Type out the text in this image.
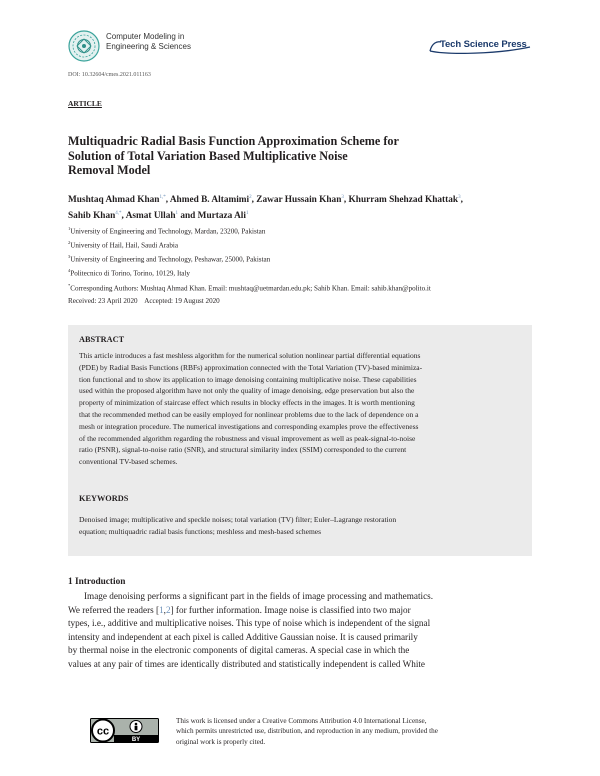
Computer Modeling in
Engineering & Sciences	Tech Science Press
DOI: 10.32604/cmes.2021.011163
ARTICLE
Multiquadric Radial Basis Function Approximation Scheme for
Solution of Total Variation Based Multiplicative Noise
Removal Model
Mushtaq Ahmad Khan$^{1,*}$, Ahmed B. Altamimi$^2$, Zawar Hussain Khan$^3$, Khurram Shehzad Khattak$^3$,
Sahib Khan$^{4,*}$, Asmat Ullah$^1$ and Murtaza Ali$^1$
$^1$University of Engineering and Technology, Mardan, 23200, Pakistan
$^2$University of Hail, Hail, Saudi Arabia
$^3$University of Engineering and Technology, Peshawar, 25000, Pakistan
$^4$Politecnico di Torino, Torino, 10129, Italy
*Corresponding Authors: Mushtaq Ahmad Khan. Email: mushtaq@uetmardan.edu.pk; Sahib Khan. Email: sahib.khan@polito.it
Received: 23 April 2020    Accepted: 19 August 2020
ABSTRACT
This article introduces a fast meshless algorithm for the numerical solution nonlinear partial differential equations
(PDE) by Radial Basis Functions (RBFs) approximation connected with the Total Variation (TV)-based minimiza-
tion functional and to show its application to image denoising containing multiplicative noise. These capabilities
used within the proposed algorithm have not only the quality of image denoising, edge preservation but also the
property of minimization of staircase effect which results in blocky effects in the images. It is worth mentioning
that the recommended method can be easily employed for nonlinear problems due to the lack of dependence on a
mesh or integration procedure. The numerical investigations and corresponding examples prove the effectiveness
of the recommended algorithm regarding the robustness and visual improvement as well as peak-signal-to-noise
ratio (PSNR), signal-to-noise ratio (SNR), and structural similarity index (SSIM) corresponded to the current
conventional TV-based schemes.
KEYWORDS
Denoised image; multiplicative and speckle noises; total variation (TV) filter; Euler–Lagrange restoration
equation; multiquadric radial basis functions; meshless and mesh-based schemes
1 Introduction
Image denoising performs a significant part in the fields of image processing and mathematics.
We referred the readers [1,2] for further information. Image noise is classified into two major
types, i.e., additive and multiplicative noises. This type of noise which is independent of the signal
intensity and independent at each pixel is called Additive Gaussian noise. It is caused primarily
by thermal noise in the electronic components of digital cameras. A special case in which the
values at any pair of times are identically distributed and statistically independent is called White
cc
BY
This work is licensed under a Creative Commons Attribution 4.0 International License,
which permits unrestricted use, distribution, and reproduction in any medium, provided the
original work is properly cited.
